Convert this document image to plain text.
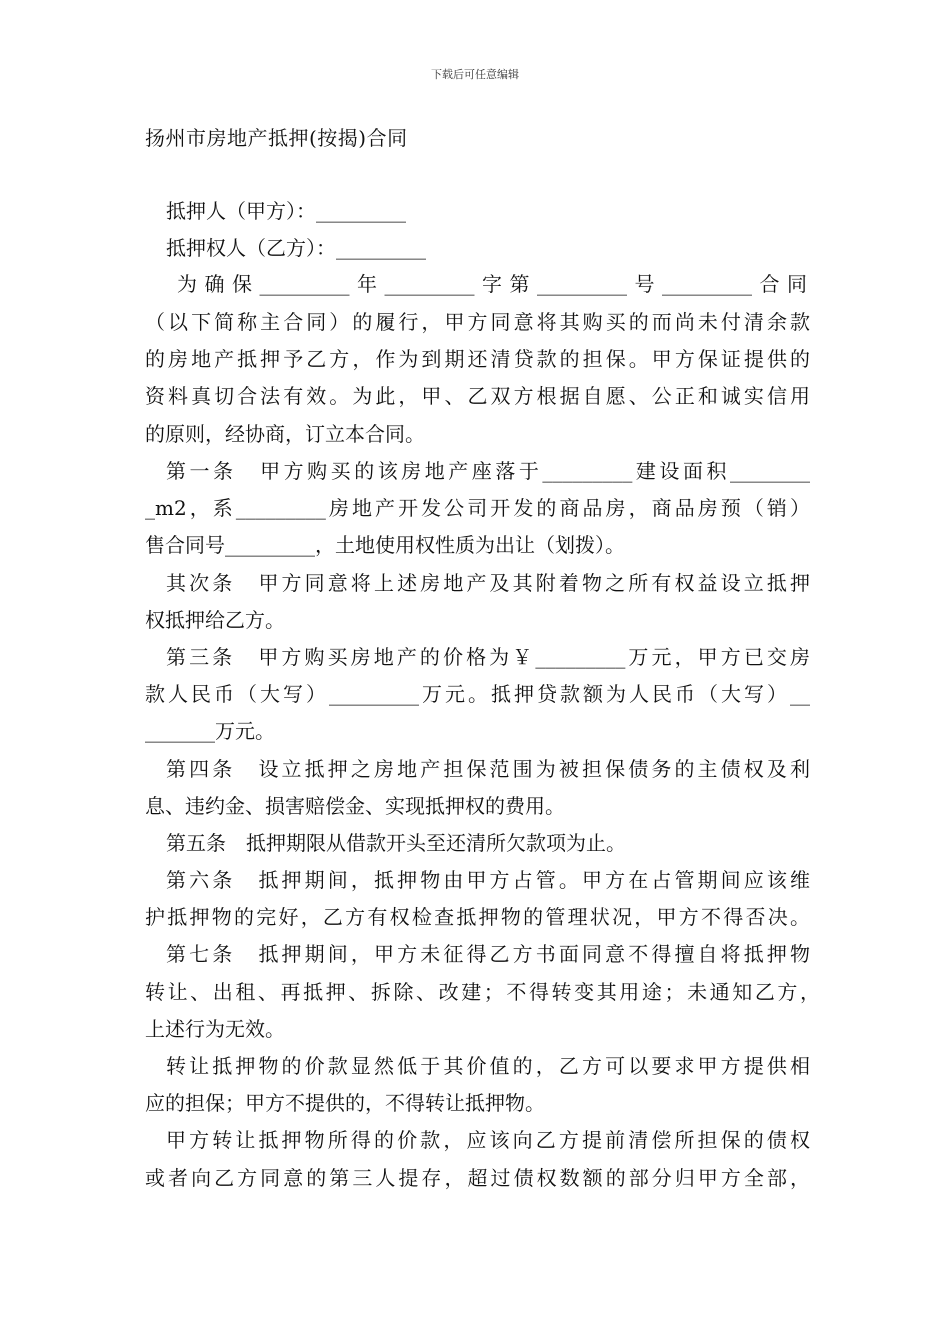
下载后可任意编辑
扬州市房地产抵押(按揭)合同
抵押人（甲方）：_________
抵押权人（乙方）：_________
为确保_________年_________字第_________号_________合同
（以下简称主合同）的履行，甲方同意将其购买的而尚未付清余款
的房地产抵押予乙方，作为到期还清贷款的担保。甲方保证提供的
资料真切合法有效。为此，甲、乙双方根据自愿、公正和诚实信用
的原则，经协商，订立本合同。
第一条　甲方购买的该房地产座落于_________建设面积________
_m2，系_________房地产开发公司开发的商品房，商品房预（销）
售合同号_________，土地使用权性质为出让（划拨）。
其次条　甲方同意将上述房地产及其附着物之所有权益设立抵押
权抵押给乙方。
第三条　甲方购买房地产的价格为￥_________万元，甲方已交房
款人民币（大写）_________万元。抵押贷款额为人民币（大写）__
_______万元。
第四条　设立抵押之房地产担保范围为被担保债务的主债权及利
息、违约金、损害赔偿金、实现抵押权的费用。
第五条　抵押期限从借款开头至还清所欠款项为止。
第六条　抵押期间，抵押物由甲方占管。甲方在占管期间应该维
护抵押物的完好，乙方有权检查抵押物的管理状况，甲方不得否决。
第七条　抵押期间，甲方未征得乙方书面同意不得擅自将抵押物
转让、出租、再抵押、拆除、改建；不得转变其用途；未通知乙方，
上述行为无效。
转让抵押物的价款显然低于其价值的，乙方可以要求甲方提供相
应的担保；甲方不提供的，不得转让抵押物。
甲方转让抵押物所得的价款，应该向乙方提前清偿所担保的债权
或者向乙方同意的第三人提存，超过债权数额的部分归甲方全部，
